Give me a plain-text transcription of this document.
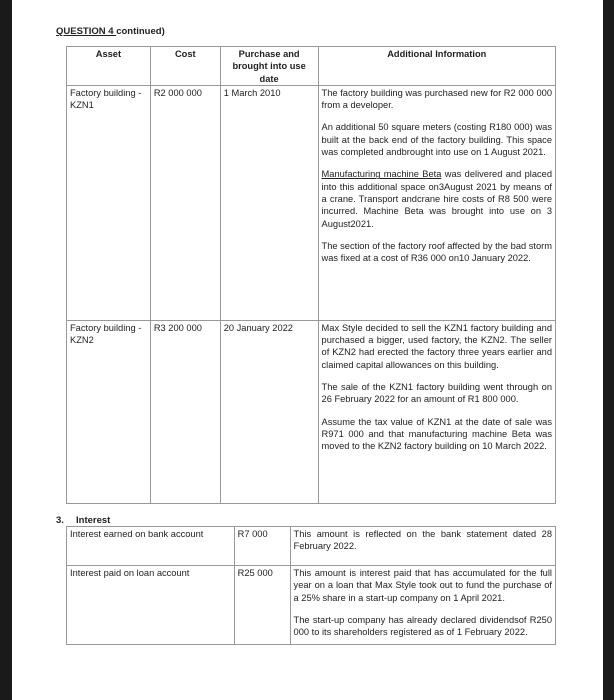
QUESTION 4 continued)
Asset	Cost	Purchase and brought into use date	Additional Information
Factory building -KZN1	R2 000 000	1 March 2010	The factory building was purchased new for R2 000 000 from a developer.

An additional 50 square meters (costing R180 000) was built at the back end of the factory building. This space was completed andbrought into use on 1 August 2021.

Manufacturing machine Beta was delivered and placed into this additional space on3August 2021 by means of a crane. Transport andcrane hire costs of R8 500 were incurred. Machine Beta was brought into use on 3 August2021.

The section of the factory roof affected by the bad storm was fixed at a cost of R36 000 on10 January 2022.

Factory building -KZN2	R3 200 000	20 January 2022	Max Style decided to sell the KZN1 factory building and purchased a bigger, used factory, the KZN2. The seller of KZN2 had erected the factory three years earlier and claimed capital allowances on this building.

The sale of the KZN1 factory building went through on 26 February 2022 for an amount of R1 800 000.

Assume the tax value of KZN1 at the date of sale was R971 000 and that manufacturing machine Beta was moved to the KZN2 factory building on 10 March 2022.

3. Interest
Interest earned on bank account	R7 000	This amount is reflected on the bank statement dated 28 February 2022.

Interest paid on loan account	R25 000	This amount is interest paid that has accumulated for the full year on a loan that Max Style took out to fund the purchase of a 25% share in a start-up company on 1 April 2021.

The start-up company has already declared dividendsof R250 000 to its shareholders registered as of 1 February 2022.
